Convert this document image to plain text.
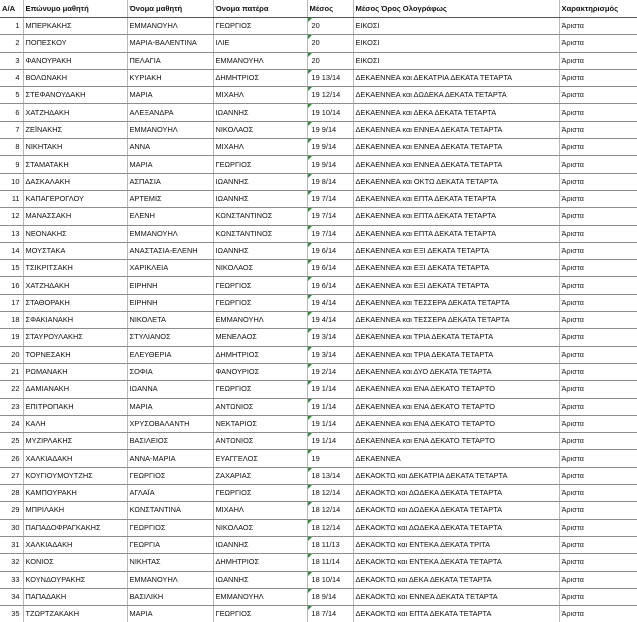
Α/Α	Επώνυμο μαθητή	Όνομα μαθητή	Όνομα πατέρα	Μέσος	Μέσος Όρος Ολογράφως	Χαρακτηρισμός
1	ΜΠΕΡΚΑΚΗΣ	ΕΜΜΑΝΟΥΗΛ	ΓΕΩΡΓΙΟΣ	20	ΕΙΚΟΣΙ	Άριστα
2	ΠΟΠΕΣΚΟΥ	ΜΑΡΙΑ-ΒΑΛΕΝΤΙΝΑ	ΙΛΙΕ	20	ΕΙΚΟΣΙ	Άριστα
3	ΦΑΝΟΥΡΑΚΗ	ΠΕΛΑΓΙΑ	ΕΜΜΑΝΟΥΗΛ	20	ΕΙΚΟΣΙ	Άριστα
4	ΒΟΛΩΝΑΚΗ	ΚΥΡΙΑΚΗ	ΔΗΜΗΤΡΙΟΣ	19 13/14	ΔΕΚΑΕΝΝΕΑ και ΔΕΚΑΤΡΙΑ ΔΕΚΑΤΑ ΤΕΤΑΡΤΑ	Άριστα
5	ΣΤΕΦΑΝΟΥΔΑΚΗ	ΜΑΡΙΑ	ΜΙΧΑΗΛ	19 12/14	ΔΕΚΑΕΝΝΕΑ και ΔΩΔΕΚΑ ΔΕΚΑΤΑ ΤΕΤΑΡΤΑ	Άριστα
6	ΧΑΤΖΗΔΑΚΗ	ΑΛΕΞΑΝΔΡΑ	ΙΩΑΝΝΗΣ	19 10/14	ΔΕΚΑΕΝΝΕΑ και ΔΕΚΑ ΔΕΚΑΤΑ ΤΕΤΑΡΤΑ	Άριστα
7	ΖΕΪΝΑΚΗΣ	ΕΜΜΑΝΟΥΗΛ	ΝΙΚΟΛΑΟΣ	19 9/14	ΔΕΚΑΕΝΝΕΑ και ΕΝΝΕΑ ΔΕΚΑΤΑ ΤΕΤΑΡΤΑ	Άριστα
8	ΝΙΚΗΤΑΚΗ	ΑΝΝΑ	ΜΙΧΑΗΛ	19 9/14	ΔΕΚΑΕΝΝΕΑ και ΕΝΝΕΑ ΔΕΚΑΤΑ ΤΕΤΑΡΤΑ	Άριστα
9	ΣΤΑΜΑΤΑΚΗ	ΜΑΡΙΑ	ΓΕΩΡΓΙΟΣ	19 9/14	ΔΕΚΑΕΝΝΕΑ και ΕΝΝΕΑ ΔΕΚΑΤΑ ΤΕΤΑΡΤΑ	Άριστα
10	ΔΑΣΚΑΛΑΚΗ	ΑΣΠΑΣΙΑ	ΙΩΑΝΝΗΣ	19 8/14	ΔΕΚΑΕΝΝΕΑ και ΟΚΤΩ ΔΕΚΑΤΑ ΤΕΤΑΡΤΑ	Άριστα
11	ΚΑΠΑΓΕΡΟΓΛΟΥ	ΑΡΤΕΜΙΣ	ΙΩΑΝΝΗΣ	19 7/14	ΔΕΚΑΕΝΝΕΑ και ΕΠΤΑ ΔΕΚΑΤΑ ΤΕΤΑΡΤΑ	Άριστα
12	ΜΑΝΑΣΣΑΚΗ	ΕΛΕΝΗ	ΚΩΝΣΤΑΝΤΙΝΟΣ	19 7/14	ΔΕΚΑΕΝΝΕΑ και ΕΠΤΑ ΔΕΚΑΤΑ ΤΕΤΑΡΤΑ	Άριστα
13	ΝΕΟΝΑΚΗΣ	ΕΜΜΑΝΟΥΗΛ	ΚΩΝΣΤΑΝΤΙΝΟΣ	19 7/14	ΔΕΚΑΕΝΝΕΑ και ΕΠΤΑ ΔΕΚΑΤΑ ΤΕΤΑΡΤΑ	Άριστα
14	ΜΟΥΣΤΑΚΑ	ΑΝΑΣΤΑΣΙΑ-ΕΛΕΝΗ	ΙΩΑΝΝΗΣ	19 6/14	ΔΕΚΑΕΝΝΕΑ και ΕΞΙ ΔΕΚΑΤΑ ΤΕΤΑΡΤΑ	Άριστα
15	ΤΣΙΚΡΙΤΣΑΚΗ	ΧΑΡΙΚΛΕΙΑ	ΝΙΚΟΛΑΟΣ	19 6/14	ΔΕΚΑΕΝΝΕΑ και ΕΞΙ ΔΕΚΑΤΑ ΤΕΤΑΡΤΑ	Άριστα
16	ΧΑΤΖΗΔΑΚΗ	ΕΙΡΗΝΗ	ΓΕΩΡΓΙΟΣ	19 6/14	ΔΕΚΑΕΝΝΕΑ και ΕΞΙ ΔΕΚΑΤΑ ΤΕΤΑΡΤΑ	Άριστα
17	ΣΤΑΘΟΡΑΚΗ	ΕΙΡΗΝΗ	ΓΕΩΡΓΙΟΣ	19 4/14	ΔΕΚΑΕΝΝΕΑ και ΤΕΣΣΕΡΑ ΔΕΚΑΤΑ ΤΕΤΑΡΤΑ	Άριστα
18	ΣΦΑΚΙΑΝΑΚΗ	ΝΙΚΟΛΕΤΑ	ΕΜΜΑΝΟΥΗΛ	19 4/14	ΔΕΚΑΕΝΝΕΑ και ΤΕΣΣΕΡΑ ΔΕΚΑΤΑ ΤΕΤΑΡΤΑ	Άριστα
19	ΣΤΑΥΡΟΥΛΑΚΗΣ	ΣΤΥΛΙΑΝΟΣ	ΜΕΝΕΛΑΟΣ	19 3/14	ΔΕΚΑΕΝΝΕΑ και ΤΡΙΑ ΔΕΚΑΤΑ ΤΕΤΑΡΤΑ	Άριστα
20	ΤΟΡΝΕΣΑΚΗ	ΕΛΕΥΘΕΡΙΑ	ΔΗΜΗΤΡΙΟΣ	19 3/14	ΔΕΚΑΕΝΝΕΑ και ΤΡΙΑ ΔΕΚΑΤΑ ΤΕΤΑΡΤΑ	Άριστα
21	ΡΩΜΑΝΑΚΗ	ΣΟΦΙΑ	ΦΑΝΟΥΡΙΟΣ	19 2/14	ΔΕΚΑΕΝΝΕΑ και ΔΥΟ ΔΕΚΑΤΑ ΤΕΤΑΡΤΑ	Άριστα
22	ΔΑΜΙΑΝΑΚΗ	ΙΩΑΝΝΑ	ΓΕΩΡΓΙΟΣ	19 1/14	ΔΕΚΑΕΝΝΕΑ και ΕΝΑ ΔΕΚΑΤΟ ΤΕΤΑΡΤΟ	Άριστα
23	ΕΠΙΤΡΟΠΑΚΗ	ΜΑΡΙΑ	ΑΝΤΩΝΙΟΣ	19 1/14	ΔΕΚΑΕΝΝΕΑ και ΕΝΑ ΔΕΚΑΤΟ ΤΕΤΑΡΤΟ	Άριστα
24	ΚΑΛΗ	ΧΡΥΣΟΒΑΛΑΝΤΗ	ΝΕΚΤΑΡΙΟΣ	19 1/14	ΔΕΚΑΕΝΝΕΑ και ΕΝΑ ΔΕΚΑΤΟ ΤΕΤΑΡΤΟ	Άριστα
25	ΜΥΖΙΡΛΑΚΗΣ	ΒΑΣΙΛΕΙΟΣ	ΑΝΤΩΝΙΟΣ	19 1/14	ΔΕΚΑΕΝΝΕΑ και ΕΝΑ ΔΕΚΑΤΟ ΤΕΤΑΡΤΟ	Άριστα
26	ΧΑΛΚΙΑΔΑΚΗ	ΑΝΝΑ-ΜΑΡΙΑ	ΕΥΑΓΓΕΛΟΣ	19	ΔΕΚΑΕΝΝΕΑ	Άριστα
27	ΚΟΥΓΙΟΥΜΟΥΤΖΗΣ	ΓΕΩΡΓΙΟΣ	ΖΑΧΑΡΙΑΣ	18 13/14	ΔΕΚΑΟΚΤΩ και ΔΕΚΑΤΡΙΑ ΔΕΚΑΤΑ ΤΕΤΑΡΤΑ	Άριστα
28	ΚΑΜΠΟΥΡΑΚΗ	ΑΓΛΑΪΑ	ΓΕΩΡΓΙΟΣ	18 12/14	ΔΕΚΑΟΚΤΩ και ΔΩΔΕΚΑ ΔΕΚΑΤΑ ΤΕΤΑΡΤΑ	Άριστα
29	ΜΠΡΙΛΑΚΗ	ΚΩΝΣΤΑΝΤΙΝΑ	ΜΙΧΑΗΛ	18 12/14	ΔΕΚΑΟΚΤΩ και ΔΩΔΕΚΑ ΔΕΚΑΤΑ ΤΕΤΑΡΤΑ	Άριστα
30	ΠΑΠΑΔΟΦΡΑΓΚΑΚΗΣ	ΓΕΩΡΓΙΟΣ	ΝΙΚΟΛΑΟΣ	18 12/14	ΔΕΚΑΟΚΤΩ και ΔΩΔΕΚΑ ΔΕΚΑΤΑ ΤΕΤΑΡΤΑ	Άριστα
31	ΧΑΛΚΙΑΔΑΚΗ	ΓΕΩΡΓΙΑ	ΙΩΑΝΝΗΣ	18 11/13	ΔΕΚΑΟΚΤΩ και ΕΝΤΕΚΑ ΔΕΚΑΤΑ ΤΡΙΤΑ	Άριστα
32	ΚΟΝΙΟΣ	ΝΙΚΗΤΑΣ	ΔΗΜΗΤΡΙΟΣ	18 11/14	ΔΕΚΑΟΚΤΩ και ΕΝΤΕΚΑ ΔΕΚΑΤΑ ΤΕΤΑΡΤΑ	Άριστα
33	ΚΟΥΝΔΟΥΡΑΚΗΣ	ΕΜΜΑΝΟΥΗΛ	ΙΩΑΝΝΗΣ	18 10/14	ΔΕΚΑΟΚΤΩ και ΔΕΚΑ ΔΕΚΑΤΑ ΤΕΤΑΡΤΑ	Άριστα
34	ΠΑΠΑΔΑΚΗ	ΒΑΣΙΛΙΚΗ	ΕΜΜΑΝΟΥΗΛ	18 9/14	ΔΕΚΑΟΚΤΩ και ΕΝΝΕΑ ΔΕΚΑΤΑ ΤΕΤΑΡΤΑ	Άριστα
35	ΤΖΩΡΤΖΑΚΑΚΗ	ΜΑΡΙΑ	ΓΕΩΡΓΙΟΣ	18 7/14	ΔΕΚΑΟΚΤΩ και ΕΠΤΑ ΔΕΚΑΤΑ ΤΕΤΑΡΤΑ	Άριστα
